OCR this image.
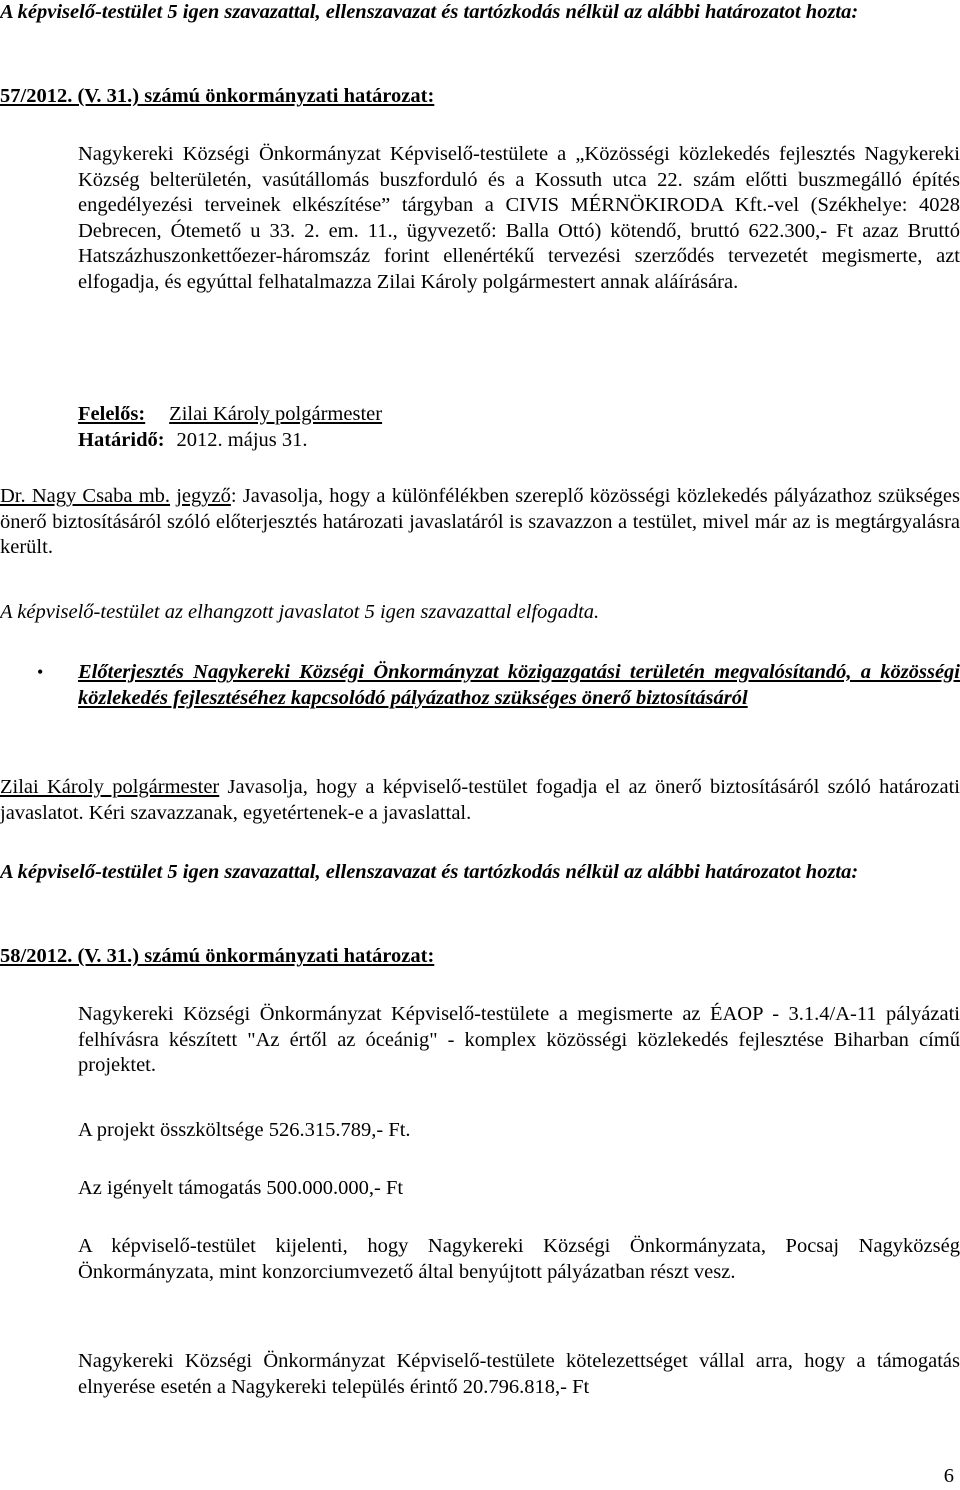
A képviselő-testület 5 igen szavazattal, ellenszavazat és tartózkodás nélkül az alábbi határozatot hozta:

57/2012. (V. 31.) számú önkormányzati határozat:

Nagykereki Községi Önkormányzat Képviselő-testülete a „Közösségi közlekedés fejlesztés Nagykereki Község belterületén, vasútállomás buszforduló és a Kossuth utca 22. szám előtti buszmegálló építés engedélyezési terveinek elkészítése” tárgyban a CIVIS MÉRNÖKIRODA Kft.-vel (Székhelye: 4028 Debrecen, Ótemető u 33. 2. em. 11., ügyvezető: Balla Ottó) kötendő, bruttó 622.300,- Ft azaz Bruttó Hatszázhuszonkettőezer-háromszáz forint ellenértékű tervezési szerződés tervezetét megismerte, azt elfogadja, és egyúttal felhatalmazza Zilai Károly polgármestert annak aláírására.

Felelős: Zilai Károly polgármester
Határidő: 2012. május 31.

Dr. Nagy Csaba mb. jegyző: Javasolja, hogy a különfélékben szereplő közösségi közlekedés pályázathoz szükséges önerő biztosításáról szóló előterjesztés határozati javaslatáról is szavazzon a testület, mivel már az is megtárgyalásra került.

A képviselő-testület az elhangzott javaslatot 5 igen szavazattal elfogadta.

• Előterjesztés Nagykereki Községi Önkormányzat közigazgatási területén megvalósítandó, a közösségi közlekedés fejlesztéséhez kapcsolódó pályázathoz szükséges önerő biztosításáról

Zilai Károly polgármester Javasolja, hogy a képviselő-testület fogadja el az önerő biztosításáról szóló határozati javaslatot. Kéri szavazzanak, egyetértenek-e a javaslattal.

A képviselő-testület 5 igen szavazattal, ellenszavazat és tartózkodás nélkül az alábbi határozatot hozta:

58/2012. (V. 31.) számú önkormányzati határozat:

Nagykereki Községi Önkormányzat Képviselő-testülete a megismerte az ÉAOP - 3.1.4/A-11 pályázati felhívásra készített "Az értől az óceánig" - komplex közösségi közlekedés fejlesztése Biharban című projektet.

A projekt összköltsége 526.315.789,- Ft.

Az igényelt támogatás 500.000.000,- Ft

A képviselő-testület kijelenti, hogy Nagykereki Községi Önkormányzata, Pocsaj Nagyközség Önkormányzata, mint konzorciumvezető által benyújtott pályázatban részt vesz.

Nagykereki Községi Önkormányzat Képviselő-testülete kötelezettséget vállal arra, hogy a támogatás elnyerése esetén a Nagykereki település érintő 20.796.818,- Ft

6
